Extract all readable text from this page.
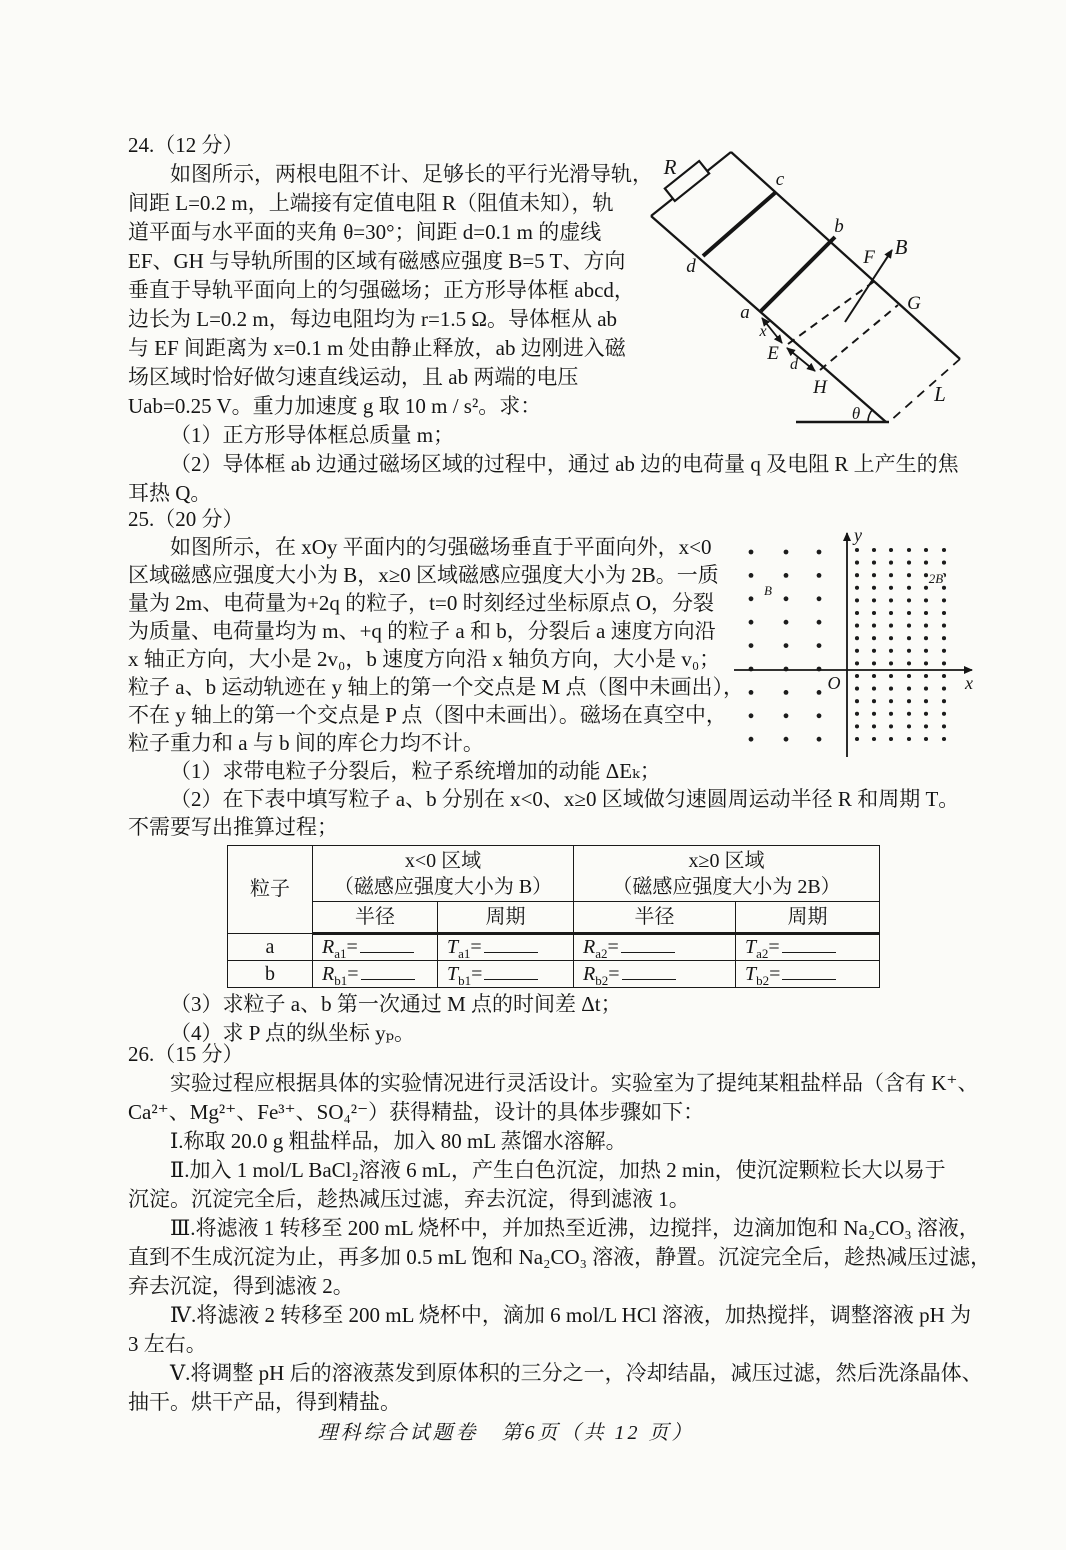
24.（12 分）
如图所示，两根电阻不计、足够长的平行光滑导轨，
间距 L=0.2 m，上端接有定值电阻 R（阻值未知），轨
道平面与水平面的夹角 θ=30°；间距 d=0.1 m 的虚线
EF、GH 与导轨所围的区域有磁感应强度 B=5 T、方向
垂直于导轨平面向上的匀强磁场；正方形导体框 abcd，
边长为 L=0.2 m，每边电阻均为 r=1.5 Ω。导体框从 ab
与 EF 间距离为 x=0.1 m 处由静止释放，ab 边刚进入磁
场区域时恰好做匀速直线运动，且 ab 两端的电压
Uab=0.25 V。重力加速度 g 取 10 m / s²。求：
（1）正方形导体框总质量 m；
（2）导体框 ab 边通过磁场区域的过程中，通过 ab 边的电荷量 q 及电阻 R 上产生的焦
耳热 Q。
R
c
b
d
a
E
F
G
H
B
x
d
θ
L
25.（20 分）
如图所示，在 xOy 平面内的匀强磁场垂直于平面向外，x<0
区域磁感应强度大小为 B，x≥0 区域磁感应强度大小为 2B。一质
量为 2m、电荷量为+2q 的粒子，t=0 时刻经过坐标原点 O，分裂
为质量、电荷量均为 m、+q 的粒子 a 和 b，分裂后 a 速度方向沿
x 轴正方向，大小是 2v₀，b 速度方向沿 x 轴负方向，大小是 v₀；
粒子 a、b 运动轨迹在 y 轴上的第一个交点是 M 点（图中未画出），
不在 y 轴上的第一个交点是 P 点（图中未画出）。磁场在真空中，
粒子重力和 a 与 b 间的库仑力均不计。
（1）求带电粒子分裂后，粒子系统增加的动能 ΔEₖ；
（2）在下表中填写粒子 a、b 分别在 x<0、x≥0 区域做匀速圆周运动半径 R 和周期 T。
不需要写出推算过程；
y
x
O
B
2B
粒子	
x<0 区域
（磁感应强度大小为 B）

x≥0 区域
（磁感应强度大小为 2B）

	半径	周期	半径	周期
a	$R_{a1}=$	$T_{a1}=$	$R_{a2}=$	$T_{a2}=$
b	$R_{b1}=$	$T_{b1}=$	$R_{b2}=$	$T_{b2}=$
（3）求粒子 a、b 第一次通过 M 点的时间差 Δt；
（4）求 P 点的纵坐标 yₚ。
26.（15 分）
实验过程应根据具体的实验情况进行灵活设计。实验室为了提纯某粗盐样品（含有 K⁺、
Ca²⁺、Mg²⁺、Fe³⁺、SO₄²⁻）获得精盐，设计的具体步骤如下：
Ⅰ.称取 20.0 g 粗盐样品，加入 80 mL 蒸馏水溶解。
Ⅱ.加入 1 mol/L BaCl₂溶液 6 mL，产生白色沉淀，加热 2 min，使沉淀颗粒长大以易于
沉淀。沉淀完全后，趁热减压过滤，弃去沉淀，得到滤液 1。
Ⅲ.将滤液 1 转移至 200 mL 烧杯中，并加热至近沸，边搅拌，边滴加饱和 Na₂CO₃ 溶液，
直到不生成沉淀为止，再多加 0.5 mL 饱和 Na₂CO₃ 溶液，静置。沉淀完全后，趁热减压过滤，
弃去沉淀，得到滤液 2。
Ⅳ.将滤液 2 转移至 200 mL 烧杯中，滴加 6 mol/L HCl 溶液，加热搅拌，调整溶液 pH 为
3 左右。
Ⅴ.将调整 pH 后的溶液蒸发到原体积的三分之一，冷却结晶，减压过滤，然后洗涤晶体、
抽干。烘干产品，得到精盐。
理科综合试题卷　第6页（共 12 页）
